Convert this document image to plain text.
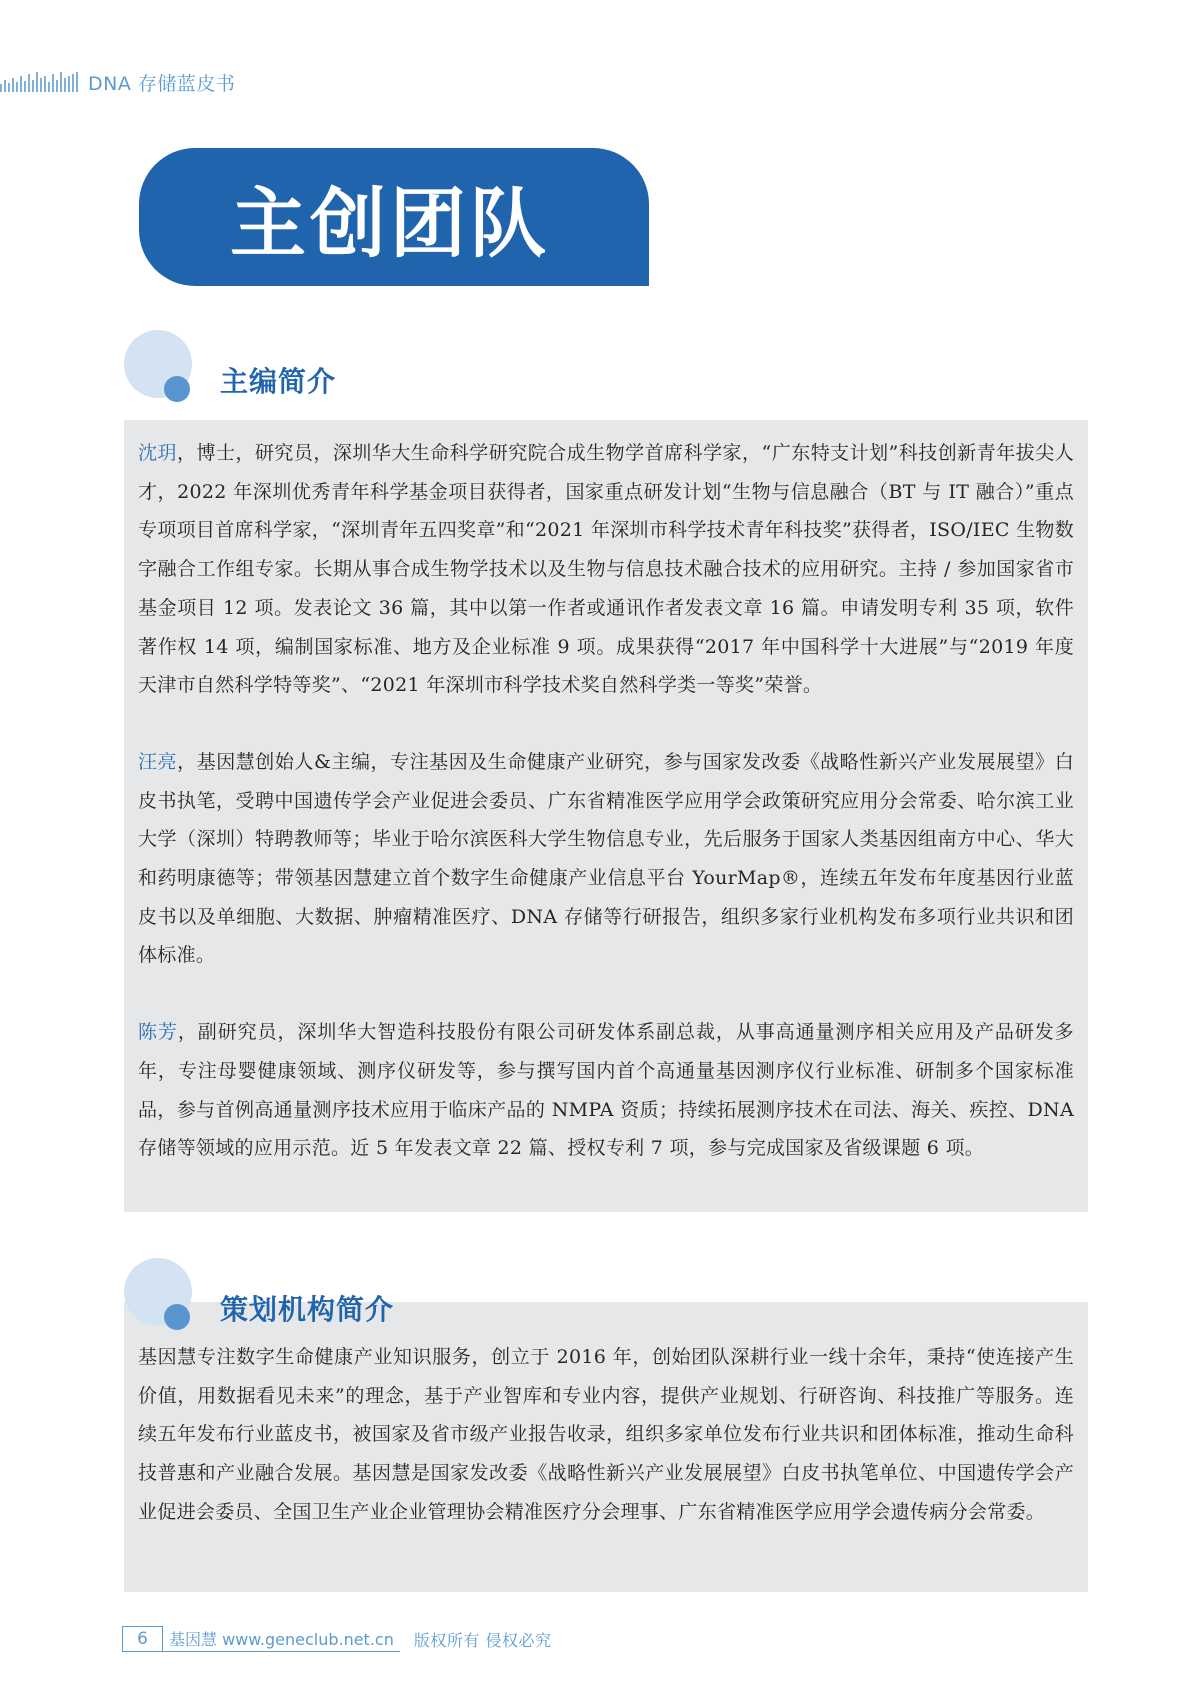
DNA 存储蓝皮书
主创团队
主编简介

沈玥，博士，研究员，深圳华大生命科学研究院合成生物学首席科学家，“广东特支计划”科技创新青年拔尖人才，2022 年深圳优秀青年科学基金项目获得者，国家重点研发计划“生物与信息融合（BT 与 IT 融合）”重点专项项目首席科学家，“深圳青年五四奖章”和“2021 年深圳市科学技术青年科技奖”获得者，ISO/IEC 生物数字融合工作组专家。长期从事合成生物学技术以及生物与信息技术融合技术的应用研究。主持 / 参加国家省市基金项目 12 项。发表论文 36 篇，其中以第一作者或通讯作者发表文章 16 篇。申请发明专利 35 项，软件著作权 14 项，编制国家标准、地方及企业标准 9 项。成果获得“2017 年中国科学十大进展”与“2019 年度天津市自然科学特等奖”、“2021 年深圳市科学技术奖自然科学类一等奖”荣誉。

汪亮，基因慧创始人&主编，专注基因及生命健康产业研究，参与国家发改委《战略性新兴产业发展展望》白皮书执笔，受聘中国遗传学会产业促进会委员、广东省精准医学应用学会政策研究应用分会常委、哈尔滨工业大学（深圳）特聘教师等；毕业于哈尔滨医科大学生物信息专业，先后服务于国家人类基因组南方中心、华大和药明康德等；带领基因慧建立首个数字生命健康产业信息平台 YourMap®，连续五年发布年度基因行业蓝皮书以及单细胞、大数据、肿瘤精准医疗、DNA 存储等行研报告，组织多家行业机构发布多项行业共识和团体标准。

陈芳，副研究员，深圳华大智造科技股份有限公司研发体系副总裁，从事高通量测序相关应用及产品研发多年，专注母婴健康领域、测序仪研发等，参与撰写国内首个高通量基因测序仪行业标准、研制多个国家标准品，参与首例高通量测序技术应用于临床产品的 NMPA 资质；持续拓展测序技术在司法、海关、疾控、DNA 存储等领域的应用示范。近 5 年发表文章 22 篇、授权专利 7 项，参与完成国家及省级课题 6 项。

基因慧专注数字生命健康产业知识服务，创立于 2016 年，创始团队深耕行业一线十余年，秉持“使连接产生价值，用数据看见未来”的理念，基于产业智库和专业内容，提供产业规划、行研咨询、科技推广等服务。连续五年发布行业蓝皮书，被国家及省市级产业报告收录，组织多家单位发布行业共识和团体标准，推动生命科技普惠和产业融合发展。基因慧是国家发改委《战略性新兴产业发展展望》白皮书执笔单位、中国遗传学会产业促进会委员、全国卫生产业企业管理协会精准医疗分会理事、广东省精准医学应用学会遗传病分会常委。

策划机构简介
6	基因慧 www.geneclub.net.cn	版权所有 侵权必究
